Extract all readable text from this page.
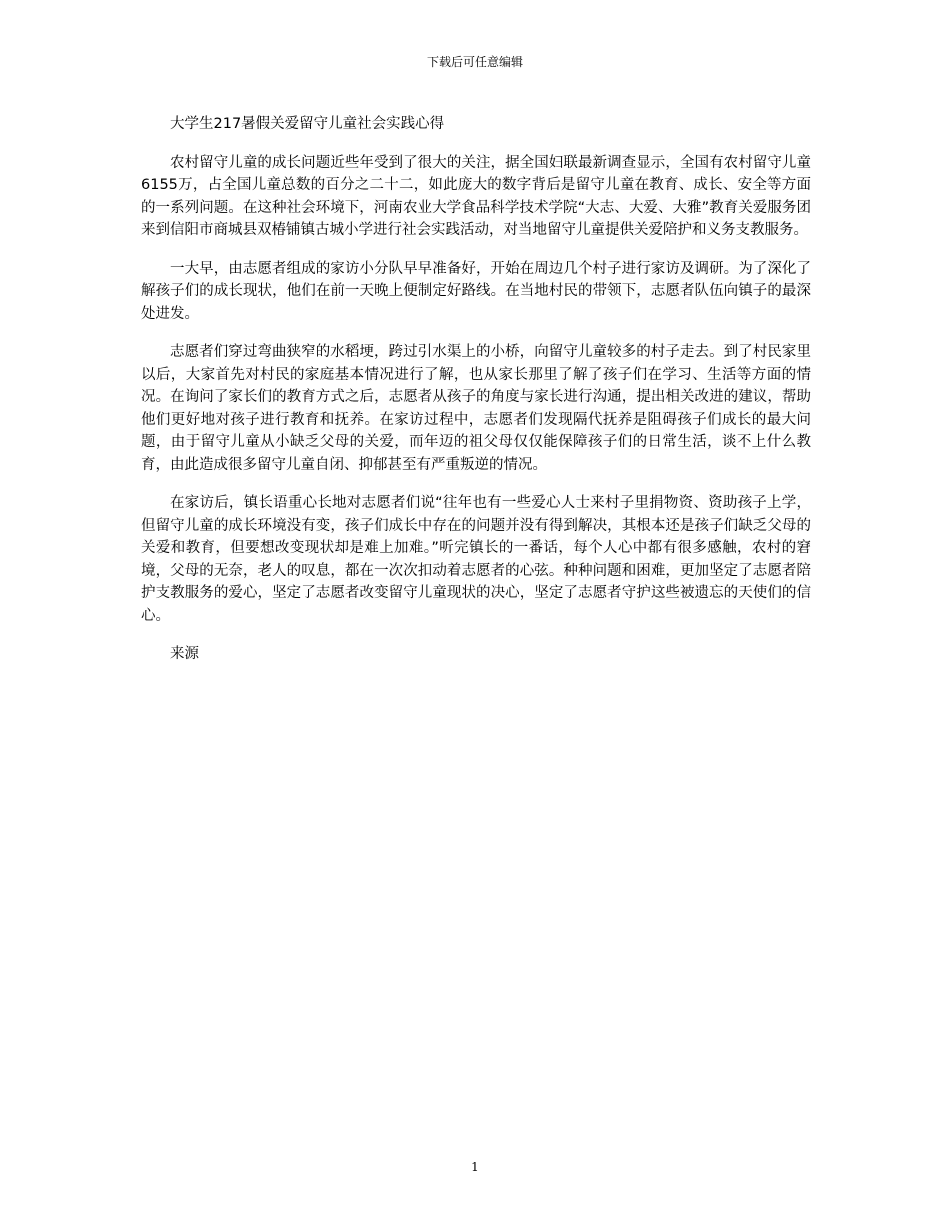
下载后可任意编辑
大学生217暑假关爱留守儿童社会实践心得

农村留守儿童的成长问题近些年受到了很大的关注，据全国妇联最新调查显示，全国有农村留守儿童6155万，占全国儿童总数的百分之二十二，如此庞大的数字背后是留守儿童在教育、成长、安全等方面的一系列问题。在这种社会环境下，河南农业大学食品科学技术学院“大志、大爱、大雅”教育关爱服务团来到信阳市商城县双椿铺镇古城小学进行社会实践活动，对当地留守儿童提供关爱陪护和义务支教服务。

一大早，由志愿者组成的家访小分队早早准备好，开始在周边几个村子进行家访及调研。为了深化了解孩子们的成长现状，他们在前一天晚上便制定好路线。在当地村民的带领下，志愿者队伍向镇子的最深处进发。

志愿者们穿过弯曲狭窄的水稻埂，跨过引水渠上的小桥，向留守儿童较多的村子走去。到了村民家里以后，大家首先对村民的家庭基本情况进行了解，也从家长那里了解了孩子们在学习、生活等方面的情况。在询问了家长们的教育方式之后，志愿者从孩子的角度与家长进行沟通，提出相关改进的建议，帮助他们更好地对孩子进行教育和抚养。在家访过程中，志愿者们发现隔代抚养是阻碍孩子们成长的最大问题，由于留守儿童从小缺乏父母的关爱，而年迈的祖父母仅仅能保障孩子们的日常生活，谈不上什么教育，由此造成很多留守儿童自闭、抑郁甚至有严重叛逆的情况。

在家访后，镇长语重心长地对志愿者们说“往年也有一些爱心人士来村子里捐物资、资助孩子上学，但留守儿童的成长环境没有变，孩子们成长中存在的问题并没有得到解决，其根本还是孩子们缺乏父母的关爱和教育，但要想改变现状却是难上加难。”听完镇长的一番话，每个人心中都有很多感触，农村的窘境，父母的无奈，老人的叹息，都在一次次扣动着志愿者的心弦。种种问题和困难，更加坚定了志愿者陪护支教服务的爱心，坚定了志愿者改变留守儿童现状的决心，坚定了志愿者守护这些被遗忘的天使们的信心。

来源

1
